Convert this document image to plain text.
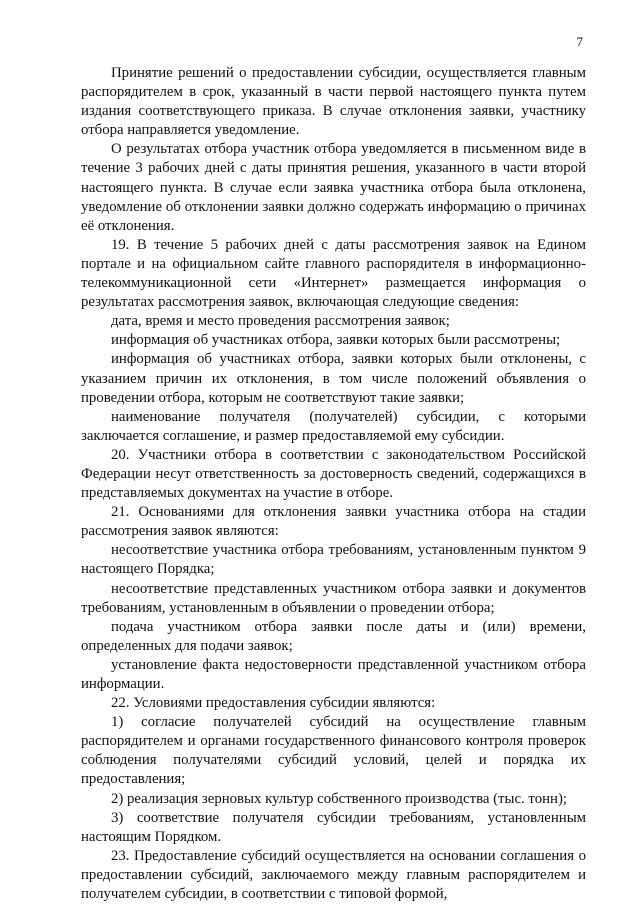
7

Принятие решений о предоставлении субсидии, осуществляется главным распорядителем в срок, указанный в части первой настоящего пункта путем издания соответствующего приказа. В случае отклонения заявки, участнику отбора направляется уведомление.

О результатах отбора участник отбора уведомляется в письменном виде в течение 3 рабочих дней с даты принятия решения, указанного в части второй настоящего пункта. В случае если заявка участника отбора была отклонена, уведомление об отклонении заявки должно содержать информацию о причинах её отклонения.

19. В течение 5 рабочих дней с даты рассмотрения заявок на Едином портале и на официальном сайте главного распорядителя в информационно-телекоммуникационной сети «Интернет» размещается информация о результатах рассмотрения заявок, включающая следующие сведения:

дата, время и место проведения рассмотрения заявок;

информация об участниках отбора, заявки которых были рассмотрены;

информация об участниках отбора, заявки которых были отклонены, с указанием причин их отклонения, в том числе положений объявления о проведении отбора, которым не соответствуют такие заявки;

наименование получателя (получателей) субсидии, с которыми заключается соглашение, и размер предоставляемой ему субсидии.

20. Участники отбора в соответствии с законодательством Российской Федерации несут ответственность за достоверность сведений, содержащихся в представляемых документах на участие в отборе.

21. Основаниями для отклонения заявки участника отбора на стадии рассмотрения заявок являются:

несоответствие участника отбора требованиям, установленным пунктом 9 настоящего Порядка;

несоответствие представленных участником отбора заявки и документов требованиям, установленным в объявлении о проведении отбора;

подача участником отбора заявки после даты и (или) времени, определенных для подачи заявок;

установление факта недостоверности представленной участником отбора информации.

22. Условиями предоставления субсидии являются:

1) согласие получателей субсидий на осуществление главным распорядителем и органами государственного финансового контроля проверок соблюдения получателями субсидий условий, целей и порядка их предоставления;

2) реализация зерновых культур собственного производства (тыс. тонн);

3) соответствие получателя субсидии требованиям, установленным настоящим Порядком.

23. Предоставление субсидий осуществляется на основании соглашения о предоставлении субсидий, заключаемого между главным распорядителем и получателем субсидии, в соответствии с типовой формой,
